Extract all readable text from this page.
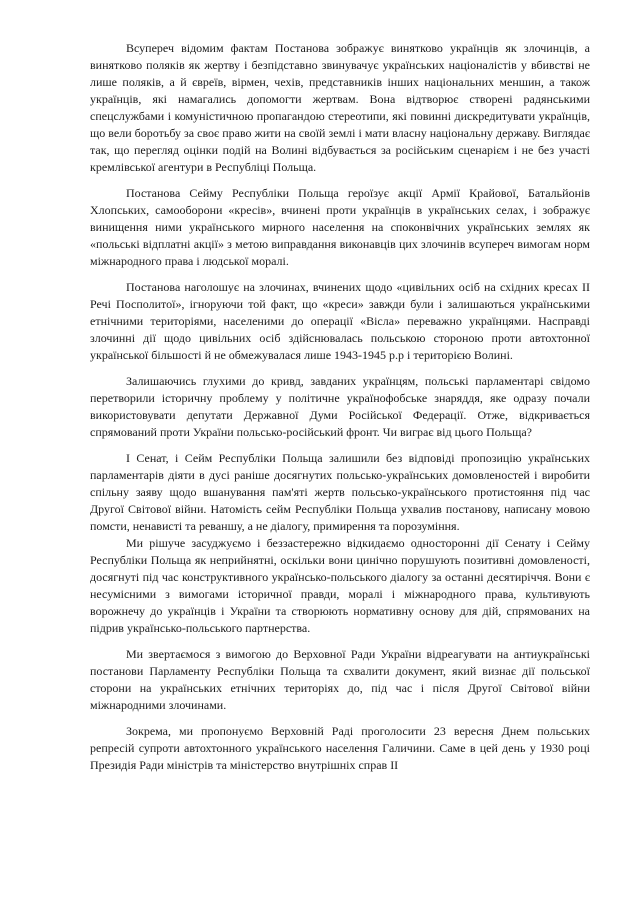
Всупереч відомим фактам Постанова зображує винятково українців як злочинців, а винятково поляків як жертву і безпідставно звинувачує українських націоналістів у вбивстві не лише поляків, а й євреїв, вірмен, чехів, представників інших національних меншин, а також українців, які намагались допомогти жертвам. Вона відтворює створені радянськими спецслужбами і комуністичною пропагандою стереотипи, які повинні дискредитувати українців, що вели боротьбу за своє право жити на своїй землі і мати власну національну державу. Виглядає так, що перегляд оцінки подій на Волині відбувається за російським сценарієм і не без участі кремлівської агентури в Республіці Польща.

Постанова Сейму Республіки Польща героїзує акції Армії Крайової, Батальйонів Хлопських, самооборони «кресів», вчинені проти українців в українських селах, і зображує винищення ними українського мирного населення на споконвічних українських землях як «польські відплатні акції» з метою виправдання виконавців цих злочинів всупереч вимогам норм міжнародного права і людської моралі.

Постанова наголошує на злочинах, вчинених щодо «цивільних осіб на східних кресах II Речі Посполитої», ігноруючи той факт, що «креси» завжди були і залишаються українськими етнічними територіями, населеними до операції «Вісла» переважно українцями. Насправді злочинні дії щодо цивільних осіб здійснювалась польською стороною проти автохтонної української більшості й не обмежувалася лише 1943-1945 р.р і територією Волині.

Залишаючись глухими до кривд, завданих українцям, польські парламентарі свідомо перетворили історичну проблему у політичне українофобське знаряддя, яке одразу почали використовувати депутати Державної Думи Російської Федерації. Отже, відкривається спрямований проти України польсько-російський фронт. Чи виграє від цього Польща?

І Сенат, і Сейм Республіки Польща залишили без відповіді пропозицію українських парламентарів діяти в дусі раніше досягнутих польсько-українських домовленостей і виробити спільну заяву щодо вшанування пам'яті жертв польсько-українського протистояння під час Другої Світової війни. Натомість сейм Республіки Польща ухвалив постанову, написану мовою помсти, ненависті та реваншу, а не діалогу, примирення та порозуміння.

Ми рішуче засуджуємо і беззастережно відкидаємо односторонні дії Сенату і Сейму Республіки Польща як неприйнятні, оскільки вони цинічно порушують позитивні домовленості, досягнуті під час конструктивного українсько-польського діалогу за останні десятиріччя. Вони є несумісними з вимогами історичної правди, моралі і міжнародного права, культивують ворожнечу до українців і України та створюють нормативну основу для дій, спрямованих на підрив українсько-польського партнерства.

Ми звертаємося з вимогою до Верховної Ради України відреагувати на антиукраїнські постанови Парламенту Республіки Польща та схвалити документ, який визнає дії польської сторони на українських етнічних територіях до, під час і після Другої Світової війни міжнародними злочинами.

Зокрема, ми пропонуємо Верховній Раді проголосити 23 вересня Днем польських репресій супроти автохтонного українського населення Галичини. Саме в цей день у 1930 році Президія Ради міністрів та міністерство внутрішніх справ II
